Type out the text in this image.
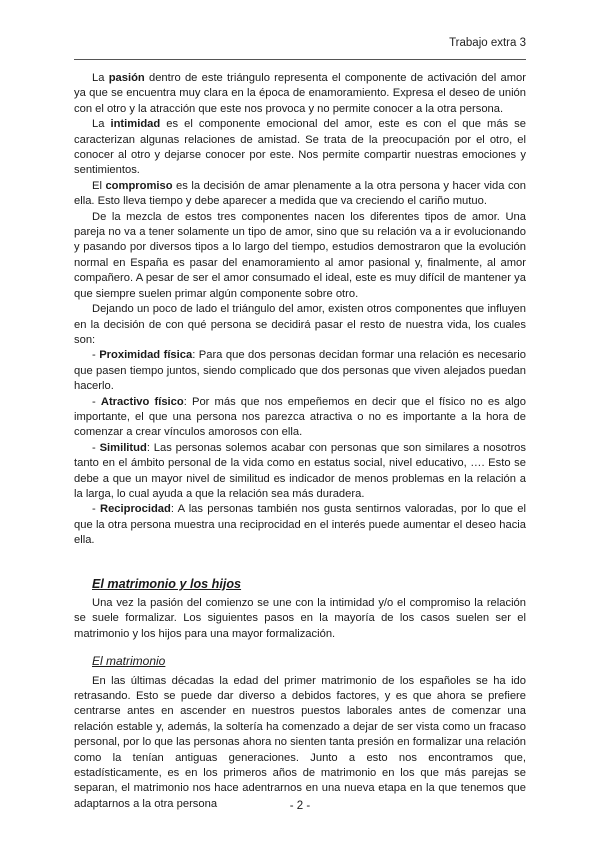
Trabajo extra 3

La pasión dentro de este triángulo representa el componente de activación del amor ya que se encuentra muy clara en la época de enamoramiento. Expresa el deseo de unión con el otro y la atracción que este nos provoca y no permite conocer a la otra persona.

La intimidad es el componente emocional del amor, este es con el que más se caracterizan algunas relaciones de amistad. Se trata de la preocupación por el otro, el conocer al otro y dejarse conocer por este. Nos permite compartir nuestras emociones y sentimientos.

El compromiso es la decisión de amar plenamente a la otra persona y hacer vida con ella. Esto lleva tiempo y debe aparecer a medida que va creciendo el cariño mutuo.

De la mezcla de estos tres componentes nacen los diferentes tipos de amor. Una pareja no va a tener solamente un tipo de amor, sino que su relación va a ir evolucionando y pasando por diversos tipos a lo largo del tiempo, estudios demostraron que la evolución normal en España es pasar del enamoramiento al amor pasional y, finalmente, al amor compañero. A pesar de ser el amor consumado el ideal, este es muy difícil de mantener ya que siempre suelen primar algún componente sobre otro.

Dejando un poco de lado el triángulo del amor, existen otros componentes que influyen en la decisión de con qué persona se decidirá pasar el resto de nuestra vida, los cuales son:

- Proximidad física: Para que dos personas decidan formar una relación es necesario que pasen tiempo juntos, siendo complicado que dos personas que viven alejados puedan hacerlo.

- Atractivo físico: Por más que nos empeñemos en decir que el físico no es algo importante, el que una persona nos parezca atractiva o no es importante a la hora de comenzar a crear vínculos amorosos con ella.

- Similitud: Las personas solemos acabar con personas que son similares a nosotros tanto en el ámbito personal de la vida como en estatus social, nivel educativo, …. Esto se debe a que un mayor nivel de similitud es indicador de menos problemas en la relación a la larga, lo cual ayuda a que la relación sea más duradera.

- Reciprocidad: A las personas también nos gusta sentirnos valoradas, por lo que el que la otra persona muestra una reciprocidad en el interés puede aumentar el deseo hacia ella.

El matrimonio y los hijos

Una vez la pasión del comienzo se une con la intimidad y/o el compromiso la relación se suele formalizar. Los siguientes pasos en la mayoría de los casos suelen ser el matrimonio y los hijos para una mayor formalización.

El matrimonio

En las últimas décadas la edad del primer matrimonio de los españoles se ha ido retrasando. Esto se puede dar diverso a debidos factores, y es que ahora se prefiere centrarse antes en ascender en nuestros puestos laborales antes de comenzar una relación estable y, además, la soltería ha comenzado a dejar de ser vista como un fracaso personal, por lo que las personas ahora no sienten tanta presión en formalizar una relación como la tenían antiguas generaciones. Junto a esto nos encontramos que, estadísticamente, es en los primeros años de matrimonio en los que más parejas se separan, el matrimonio nos hace adentrarnos en una nueva etapa en la que tenemos que adaptarnos a la otra persona	- 2 -
